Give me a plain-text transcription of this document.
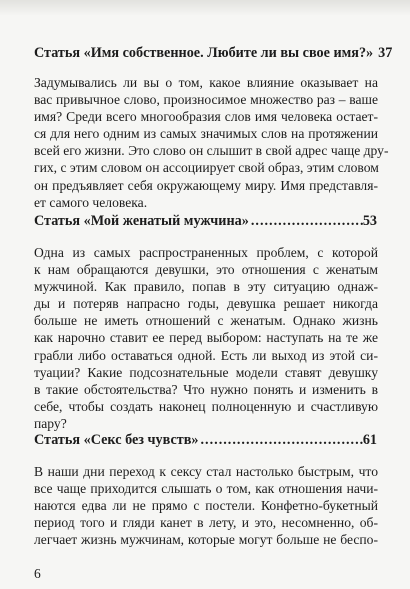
Статья «Имя собственное. Любите ли вы свое имя?» 37
Задумывались ли вы о том, какое влияние оказывает на
вас привычное слово, произносимое множество раз – ваше
имя? Среди всего многообразия слов имя человека остает-
ся для него одним из самых значимых слов на протяжении
всей его жизни. Это слово он слышит в свой адрес чаще дру-
гих, с этим словом он ассоциирует свой образ, этим словом
он предъявляет себя окружающему миру. Имя представля-
ет самого человека.
Статья «Мой женатый мужчина» .....	53
Одна из самых распространенных проблем, с которой
к нам обращаются девушки, это отношения с женатым
мужчиной. Как правило, попав в эту ситуацию однаж-
ды и потеряв напрасно годы, девушка решает никогда
больше не иметь отношений с женатым. Однако жизнь
как нарочно ставит ее перед выбором: наступать на те же
грабли либо оставаться одной. Есть ли выход из этой си-
туации? Какие подсознательные модели ставят девушку
в такие обстоятельства? Что нужно понять и изменить в
себе, чтобы создать наконец полноценную и счастливую
пару?
Статья «Секс без чувств» .....	61
В наши дни переход к сексу стал настолько быстрым, что
все чаще приходится слышать о том, как отношения начи-
наются едва ли не прямо с постели. Конфетно-букетный
период того и гляди канет в лету, и это, несомненно, об-
легчает жизнь мужчинам, которые могут больше не беспо-
6
